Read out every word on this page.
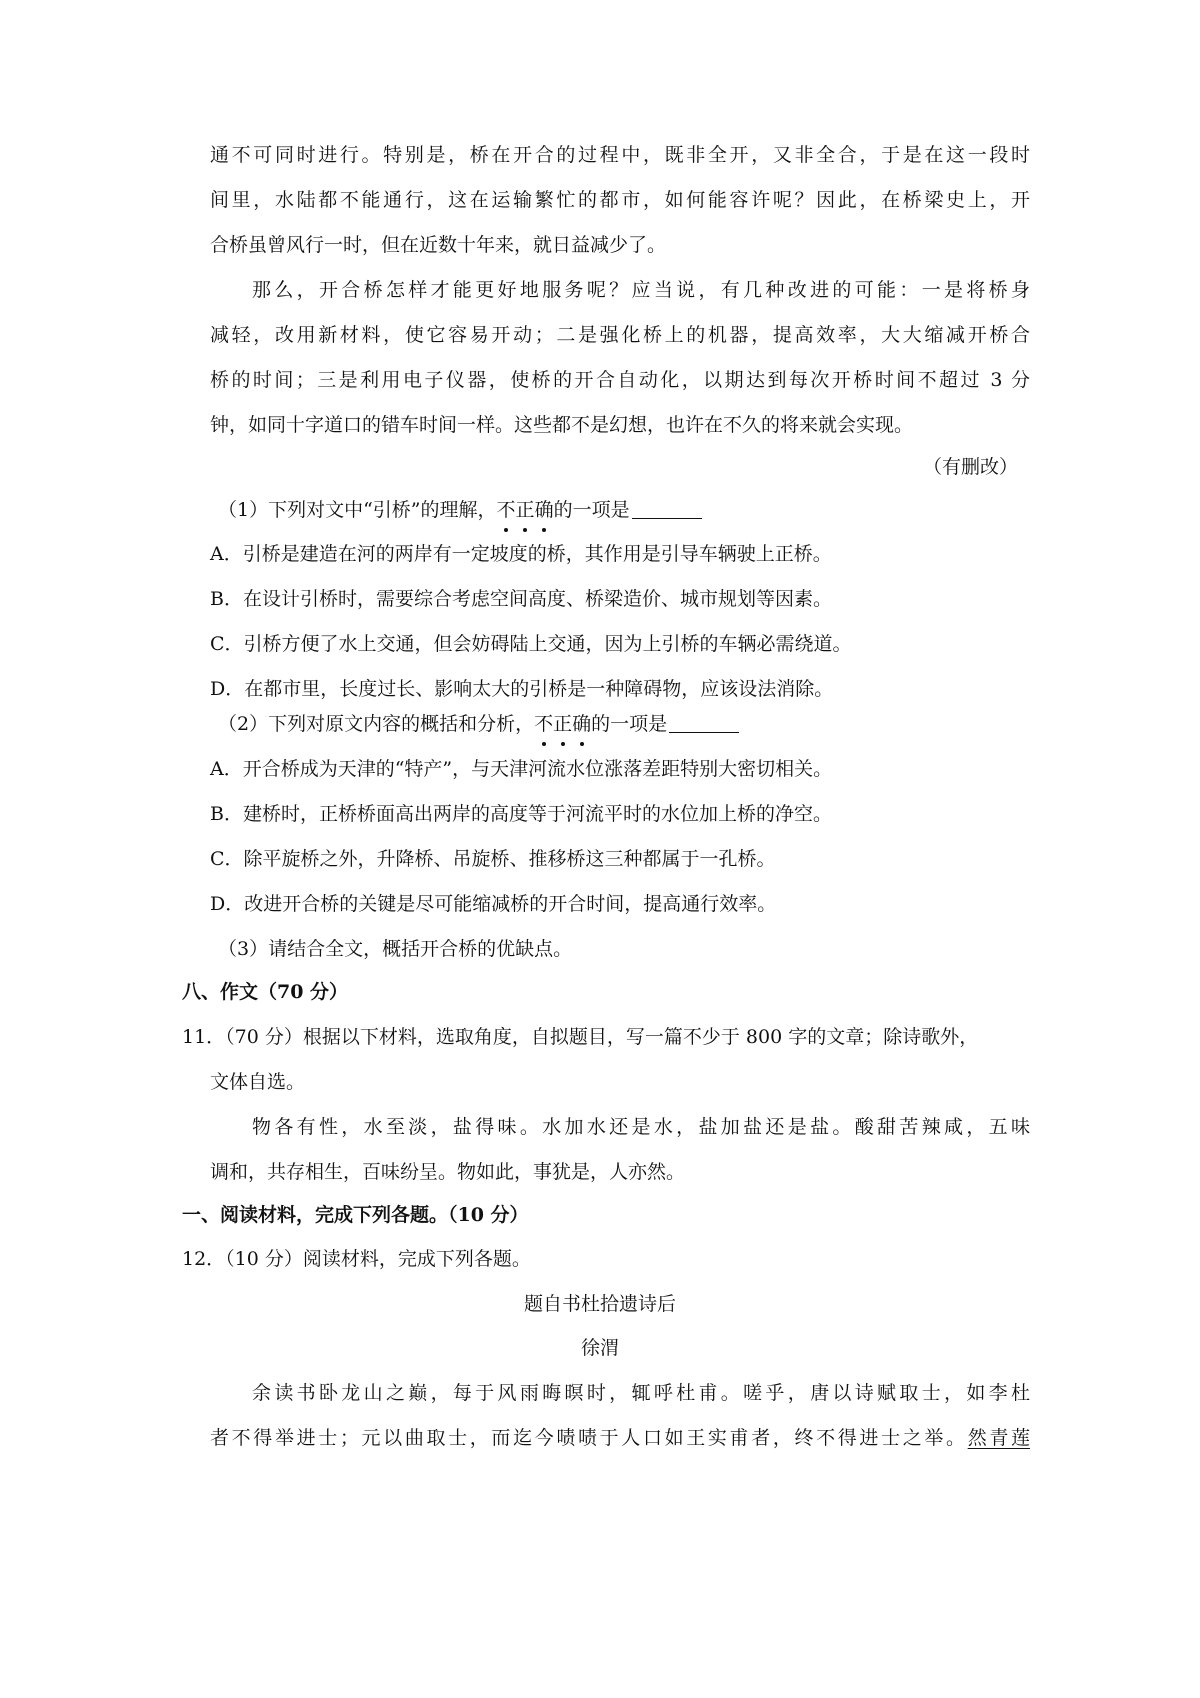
通不可同时进行。特别是，桥在开合的过程中，既非全开，又非全合，于是在这一段时
间里，水陆都不能通行，这在运输繁忙的都市，如何能容许呢？因此，在桥梁史上，开
合桥虽曾风行一时，但在近数十年来，就日益减少了。
那么，开合桥怎样才能更好地服务呢？应当说，有几种改进的可能：一是将桥身
减轻，改用新材料，使它容易开动；二是强化桥上的机器，提高效率，大大缩减开桥合
桥的时间；三是利用电子仪器，使桥的开合自动化，以期达到每次开桥时间不超过 3 分
钟，如同十字道口的错车时间一样。这些都不是幻想，也许在不久的将来就会实现。
（有删改）
（1）下列对文中“引桥”的理解，不正确的一项是
A．引桥是建造在河的两岸有一定坡度的桥，其作用是引导车辆驶上正桥。
B．在设计引桥时，需要综合考虑空间高度、桥梁造价、城市规划等因素。
C．引桥方便了水上交通，但会妨碍陆上交通，因为上引桥的车辆必需绕道。
D．在都市里，长度过长、影响太大的引桥是一种障碍物，应该设法消除。
（2）下列对原文内容的概括和分析，不正确的一项是
A．开合桥成为天津的“特产”，与天津河流水位涨落差距特别大密切相关。
B．建桥时，正桥桥面高出两岸的高度等于河流平时的水位加上桥的净空。
C．除平旋桥之外，升降桥、吊旋桥、推移桥这三种都属于一孔桥。
D．改进开合桥的关键是尽可能缩减桥的开合时间，提高通行效率。
（3）请结合全文，概括开合桥的优缺点。
八、作文（70 分）
11．（70 分）根据以下材料，选取角度，自拟题目，写一篇不少于 800 字的文章；除诗歌外，
文体自选。
物各有性，水至淡，盐得味。水加水还是水，盐加盐还是盐。酸甜苦辣咸，五味
调和，共存相生，百味纷呈。物如此，事犹是，人亦然。
一、阅读材料，完成下列各题。（10 分）
12．（10 分）阅读材料，完成下列各题。
题自书杜拾遗诗后
徐渭
余读书卧龙山之巅，每于风雨晦暝时，辄呼杜甫。嗟乎，唐以诗赋取士，如李杜
者不得举进士；元以曲取士，而迄今啧啧于人口如王实甫者，终不得进士之举。然青莲
